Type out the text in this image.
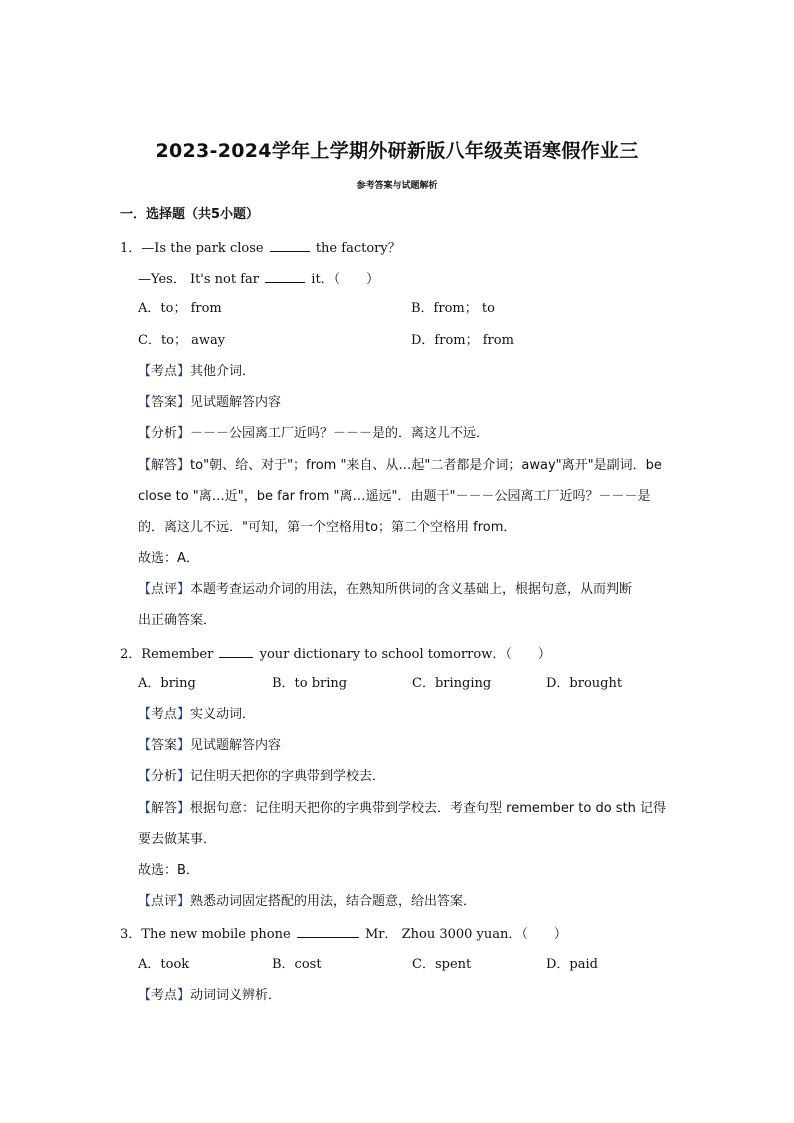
2023-2024学年上学期外研新版八年级英语寒假作业三
参考答案与试题解析
一．选择题（共5小题）
1．—Is the park close	the factory？
—Yes． It's not far	it．（　　）
A．to； from	B．from； to
C．to； away	D．from； from
【考点】其他介词．
【答案】见试题解答内容
【分析】－－－公园离工厂近吗？－－－是的．离这儿不远．
【解答】to"朝、给、对于"；from "来自、从…起"二者都是介词；away"离开"是副词．be
close to "离…近"，be far from "离…遥远"．由题干"－－－公园离工厂近吗？－－－是
的．离这儿不远．"可知，第一个空格用to；第二个空格用 from．
故选：A．
【点评】本题考查运动介词的用法，在熟知所供词的含义基础上，根据句意，从而判断
出正确答案．
2．Remember	your dictionary to school tomorrow．（　　）
A．bring	B．to bring	C．bringing	D．brought
【考点】实义动词．
【答案】见试题解答内容
【分析】记住明天把你的字典带到学校去．
【解答】根据句意：记住明天把你的字典带到学校去．考查句型 remember to do sth 记得
要去做某事．
故选：B．
【点评】熟悉动词固定搭配的用法，结合题意，给出答案．
3．The new mobile phone	Mr． Zhou 3000 yuan．（　　）
A．took	B．cost	C．spent	D．paid
【考点】动词词义辨析．
